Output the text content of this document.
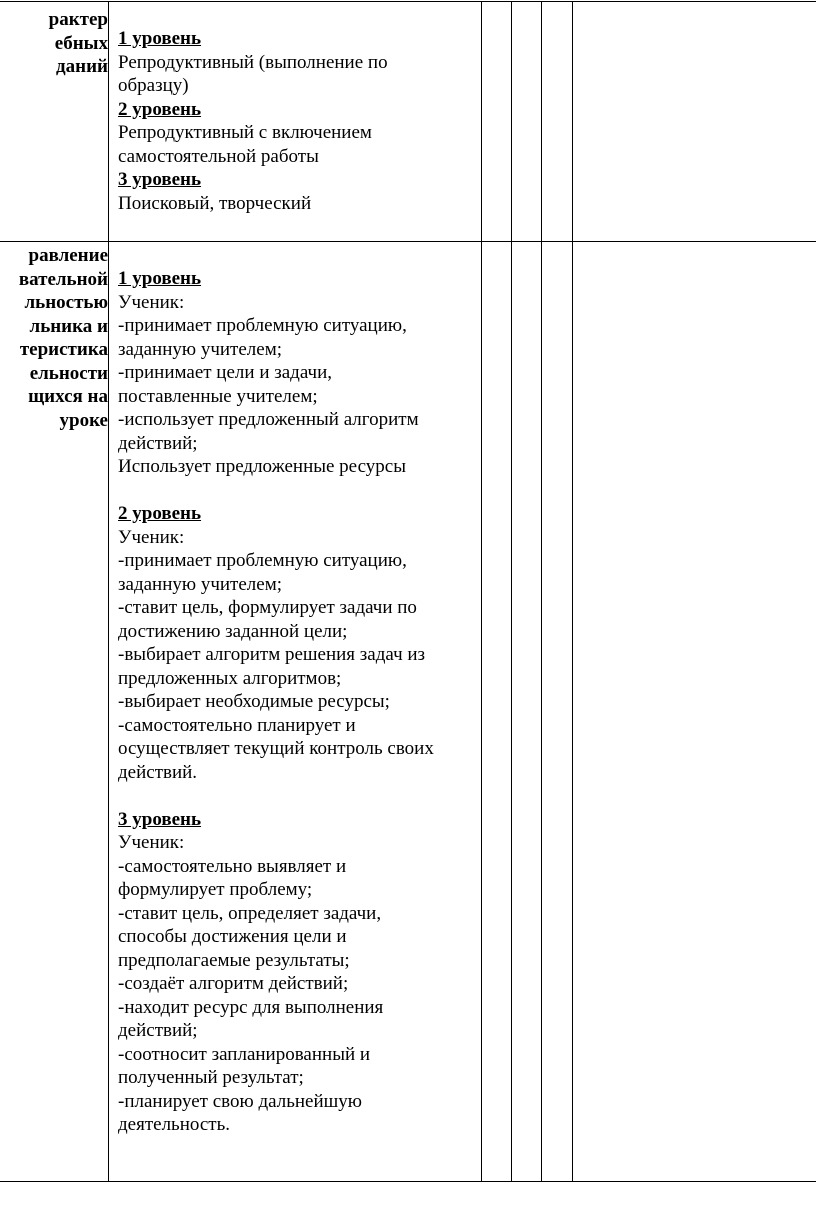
рактер
ебных
даний
1 уровень
Репродуктивный (выполнение по
образцу)
2 уровень
Репродуктивный с включением
самостоятельной работы
3 уровень
Поисковый, творческий
равление
вательной
льностью
льника и
теристика
ельности
щихся на
уроке
1 уровень
Ученик:
-принимает проблемную ситуацию,
заданную учителем;
-принимает цели и задачи,
поставленные учителем;
-использует предложенный алгоритм
действий;
Использует предложенные ресурсы
2 уровень
Ученик:
-принимает проблемную ситуацию,
заданную учителем;
-ставит цель, формулирует задачи по
достижению заданной цели;
-выбирает алгоритм решения задач из
предложенных алгоритмов;
-выбирает необходимые ресурсы;
-самостоятельно планирует и
осуществляет текущий контроль своих
действий.
3 уровень
Ученик:
-самостоятельно выявляет и
формулирует проблему;
-ставит цель, определяет задачи,
способы достижения цели и
предполагаемые результаты;
-создаёт алгоритм действий;
-находит ресурс для выполнения
действий;
-соотносит запланированный и
полученный результат;
-планирует свою дальнейшую
деятельность.
